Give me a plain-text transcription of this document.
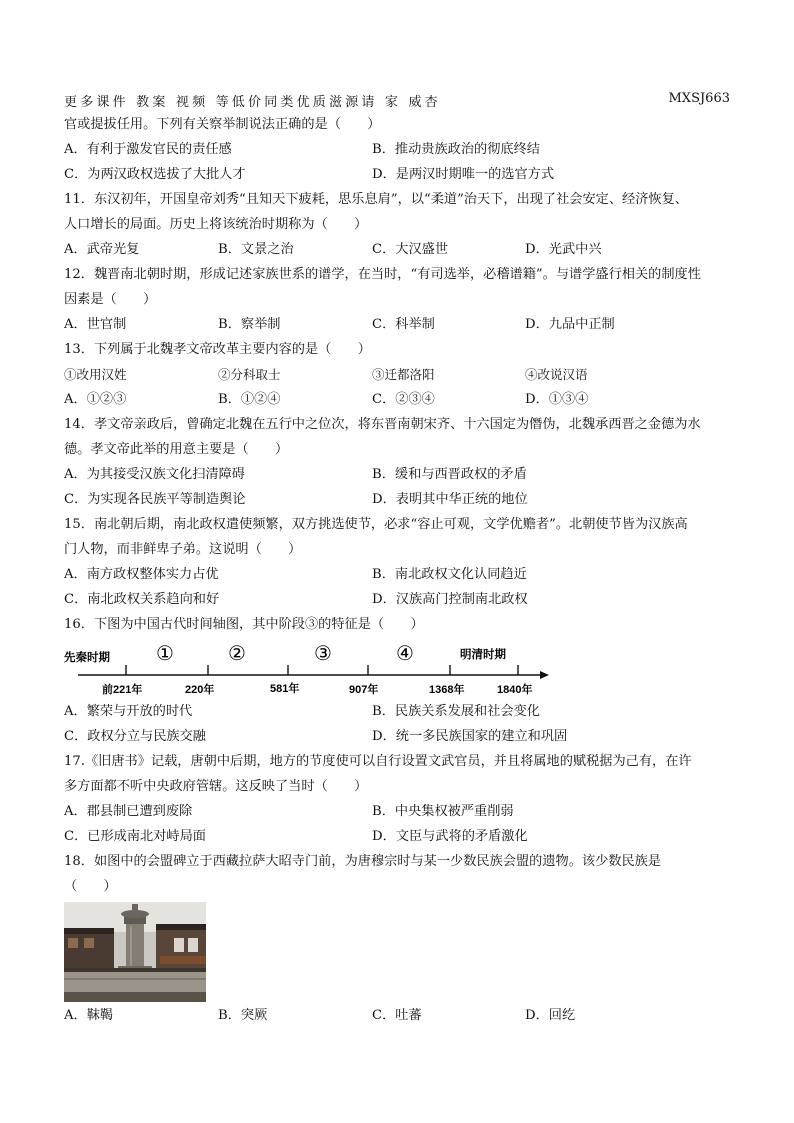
更多课件 教案 视频 等低价同类优质滋源请 家 威杏	MXSJ663
官或提拔任用。下列有关察举制说法正确的是（　　）
A．有利于激发官民的责任感	B．推动贵族政治的彻底终结
C．为两汉政权选拔了大批人才	D．是两汉时期唯一的选官方式
11．东汉初年，开国皇帝刘秀“且知天下疲耗，思乐息肩”，以“柔道”治天下，出现了社会安定、经济恢复、
人口增长的局面。历史上将该统治时期称为（　　）
A．武帝光复	B．文景之治	C．大汉盛世	D．光武中兴
12．魏晋南北朝时期，形成记述家族世系的谱学，在当时，“有司选举，必稽谱籍”。与谱学盛行相关的制度性
因素是（　　）
A．世官制	B．察举制	C．科举制	D．九品中正制
13．下列属于北魏孝文帝改革主要内容的是（　　）
①改用汉姓	②分科取士	③迁都洛阳	④改说汉语
A．①②③	B．①②④	C．②③④	D．①③④
14．孝文帝亲政后，曾确定北魏在五行中之位次，将东晋南朝宋齐、十六国定为僭伪，北魏承西晋之金德为水
德。孝文帝此举的用意主要是（　　）
A．为其接受汉族文化扫清障碍	B．缓和与西晋政权的矛盾
C．为实现各民族平等制造舆论	D．表明其中华正统的地位
15．南北朝后期，南北政权遣使频繁，双方挑选使节，必求“容止可观，文学优赡者”。北朝使节皆为汉族高
门人物，而非鲜卑子弟。这说明（　　）
A．南方政权整体实力占优	B．南北政权文化认同趋近
C．南北政权关系趋向和好	D．汉族高门控制南北政权
16．下图为中国古代时间轴图，其中阶段③的特征是（　　）
先秦时期	明清时期
①	②	③	④
前221年	220年	581年	907年	1368年	1840年
A．繁荣与开放的时代	B．民族关系发展和社会变化
C．政权分立与民族交融	D．统一多民族国家的建立和巩固
17.《旧唐书》记载，唐朝中后期，地方的节度使可以自行设置文武官员，并且将属地的赋税据为己有，在许
多方面都不听中央政府管辖。这反映了当时（　　）
A．郡县制已遭到废除	B．中央集权被严重削弱
C．已形成南北对峙局面	D．文臣与武将的矛盾激化
18．如图中的会盟碑立于西藏拉萨大昭寺门前，为唐穆宗时与某一少数民族会盟的遗物。该少数民族是
（　　）
A．靺鞨	B．突厥	C．吐蕃	D．回纥
